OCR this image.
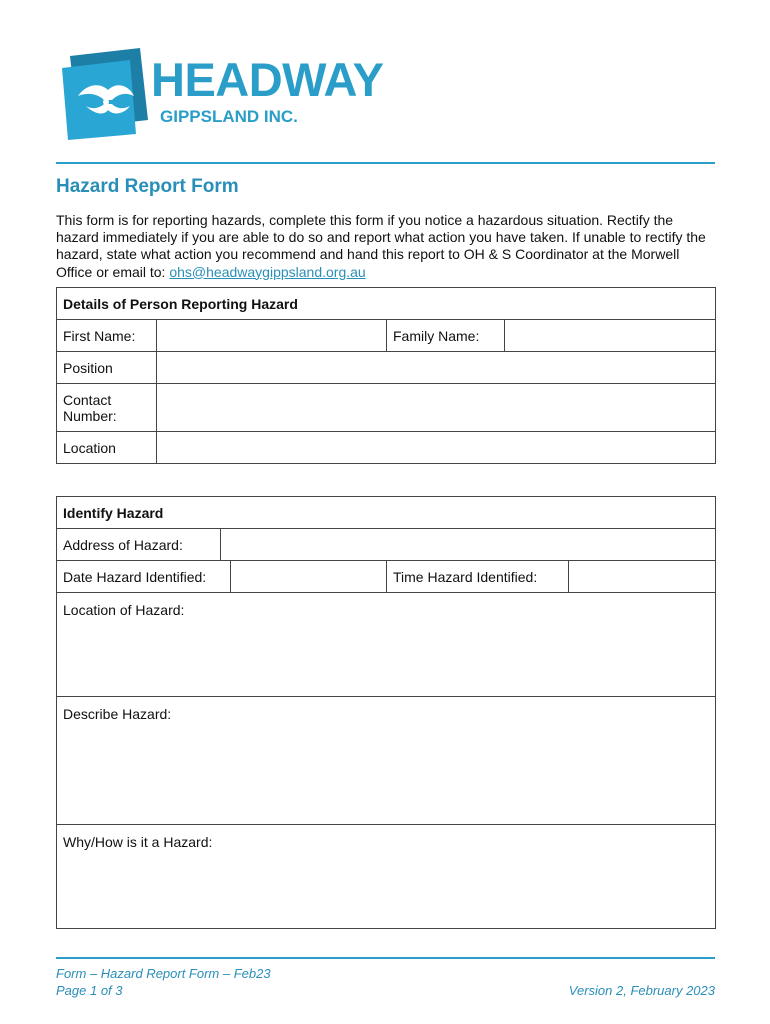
HEADWAY
GIPPSLAND INC.
Hazard Report Form

This form is for reporting hazards, complete this form if you notice a hazardous situation. Rectify the hazard immediately if you are able to do so and report what action you have taken. If unable to rectify the hazard, state what action you recommend and hand this report to OH & S Coordinator at the Morwell Office or email to: ohs@headwaygippsland.org.au

Details of Person Reporting Hazard			
First Name:		Family Name:	
Position			
Contact Number:			
Location			
Identify Hazard				
Address of Hazard:				
Date Hazard Identified:			Time Hazard Identified:	
Location of Hazard:				
Describe Hazard:				
Why/How is it a Hazard:				
Form – Hazard Report Form – Feb23
Page 1 of 3	Version 2, February 2023
